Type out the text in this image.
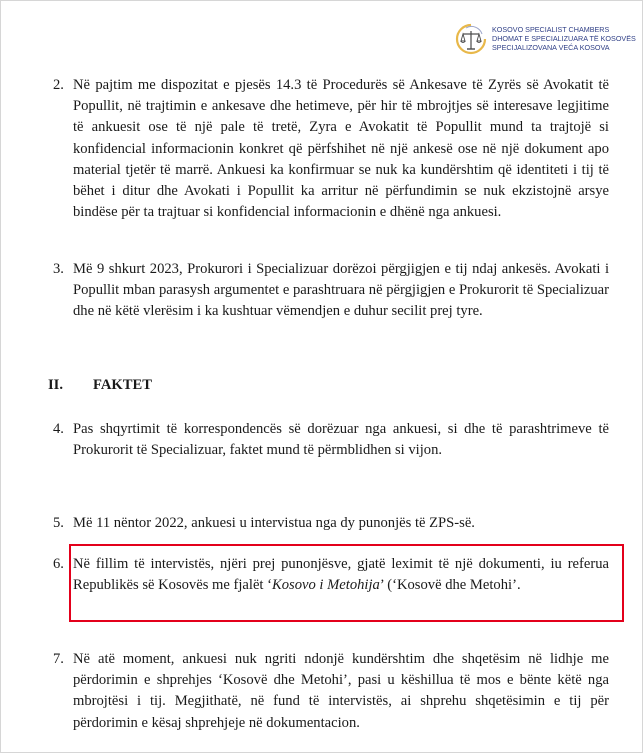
KOSOVO SPECIALIST CHAMBERS
DHOMAT E SPECIALIZUARA TË KOSOVËS
SPECIJALIZOVANA VEĆA KOSOVA
2. Në pajtim me dispozitat e pjesës 14.3 të Procedurës së Ankesave të Zyrës së Avokatit të Popullit, në trajtimin e ankesave dhe hetimeve, për hir të mbrojtjes së interesave legjitime të ankuesit ose të një pale të tretë, Zyra e Avokatit të Popullit mund ta trajtojë si konfidencial informacionin konkret që përfshihet në një ankesë ose në një dokument apo material tjetër të marrë. Ankuesi ka konfirmuar se nuk ka kundërshtim që identiteti i tij të bëhet i ditur dhe Avokati i Popullit ka arritur në përfundimin se nuk ekzistojnë arsye bindëse për ta trajtuar si konfidencial informacionin e dhënë nga ankuesi.
3. Më 9 shkurt 2023, Prokurori i Specializuar dorëzoi përgjigjen e tij ndaj ankesës. Avokati i Popullit mban parasysh argumentet e parashtruara në përgjigjen e Prokurorit të Specializuar dhe në këtë vlerësim i ka kushtuar vëmendjen e duhur secilit prej tyre.
II. FAKTET
4. Pas shqyrtimit të korrespondencës së dorëzuar nga ankuesi, si dhe të parashtrimeve të Prokurorit të Specializuar, faktet mund të përmblidhen si vijon.
5. Më 11 nëntor 2022, ankuesi u intervistua nga dy punonjës të ZPS-së.
6. Në fillim të intervistës, njëri prej punonjësve, gjatë leximit të një dokumenti, iu referua Republikës së Kosovës me fjalët ‘Kosovo i Metohija’ (‘Kosovë dhe Metohi’.
7. Në atë moment, ankuesi nuk ngriti ndonjë kundërshtim dhe shqetësim në lidhje me përdorimin e shprehjes ‘Kosovë dhe Metohi’, pasi u këshillua të mos e bënte këtë nga mbrojtësi i tij. Megjithatë, në fund të intervistës, ai shprehu shqetësimin e tij për përdorimin e kësaj shprehjeje në dokumentacion.
